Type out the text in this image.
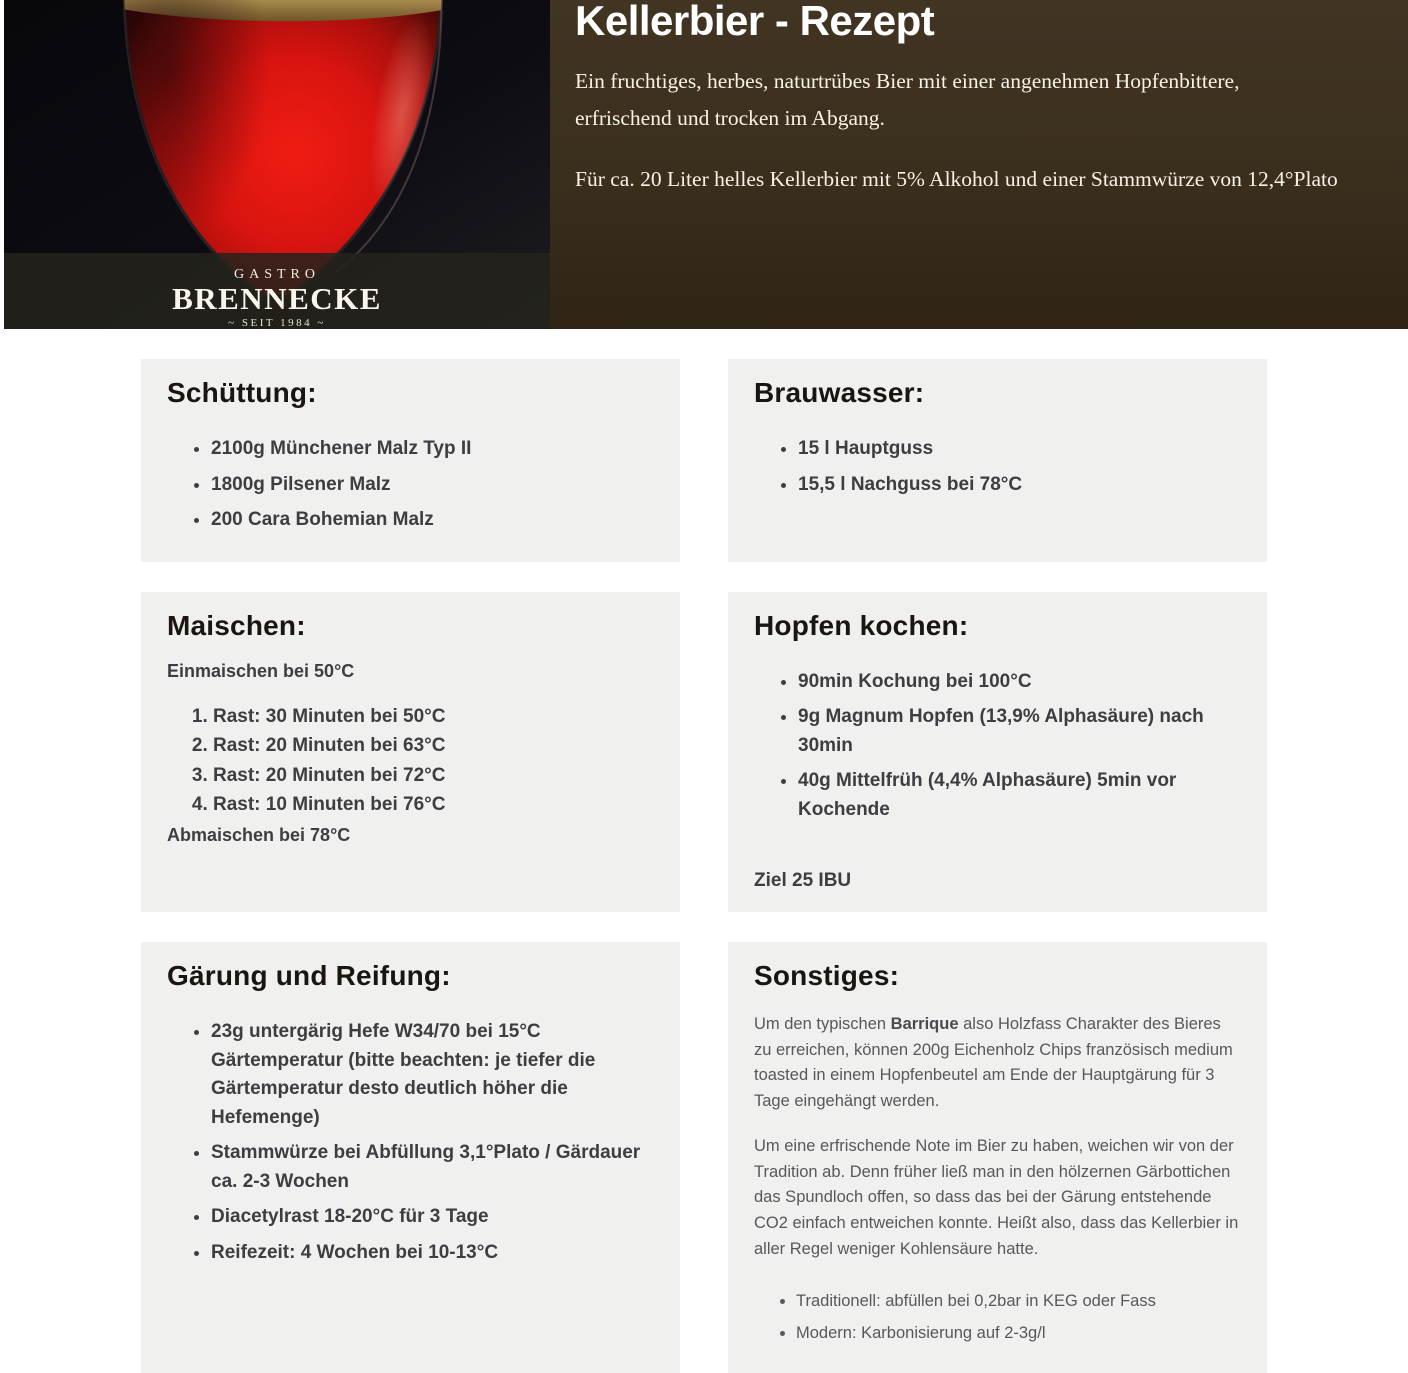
GASTRO
BRENNECKE
~ SEIT 1984 ~
Kellerbier - Rezept

Ein fruchtiges, herbes, naturtrübes Bier mit einer angenehmen Hopfenbittere, erfrischend und trocken im Abgang.

Für ca. 20 Liter helles Kellerbier mit 5% Alkohol und einer Stammwürze von 12,4°Plato

Schüttung:
• 2100g Münchener Malz Typ II
• 1800g Pilsener Malz
• 200 Cara Bohemian Malz
Brauwasser:
• 15 l Hauptguss
• 15,5 l Nachguss bei 78°C
Maischen:

Einmaischen bei 50°C

1. Rast: 30 Minuten bei 50°C
2. Rast: 20 Minuten bei 63°C
3. Rast: 20 Minuten bei 72°C
4. Rast: 10 Minuten bei 76°C

Abmaischen bei 78°C

Hopfen kochen:
• 90min Kochung bei 100°C
• 9g Magnum Hopfen (13,9% Alphasäure) nach 30min
• 40g Mittelfrüh (4,4% Alphasäure) 5min vor Kochende

Ziel 25 IBU

Gärung und Reifung:
• 23g untergärig Hefe W34/70 bei 15°C Gärtemperatur (bitte beachten: je tiefer die Gärtemperatur desto deutlich höher die Hefemenge)
• Stammwürze bei Abfüllung 3,1°Plato / Gärdauer ca. 2-3 Wochen
• Diacetylrast 18-20°C für 3 Tage
• Reifezeit: 4 Wochen bei 10-13°C
Sonstiges:

Um den typischen Barrique also Holzfass Charakter des Bieres zu erreichen, können 200g Eichenholz Chips französisch medium toasted in einem Hopfenbeutel am Ende der Hauptgärung für 3 Tage eingehängt werden.

Um eine erfrischende Note im Bier zu haben, weichen wir von der Tradition ab. Denn früher ließ man in den hölzernen Gärbottichen das Spundloch offen, so dass das bei der Gärung entstehende CO2 einfach entweichen konnte. Heißt also, dass das Kellerbier in aller Regel weniger Kohlensäure hatte.

• Traditionell: abfüllen bei 0,2bar in KEG oder Fass
• Modern: Karbonisierung auf 2-3g/l
